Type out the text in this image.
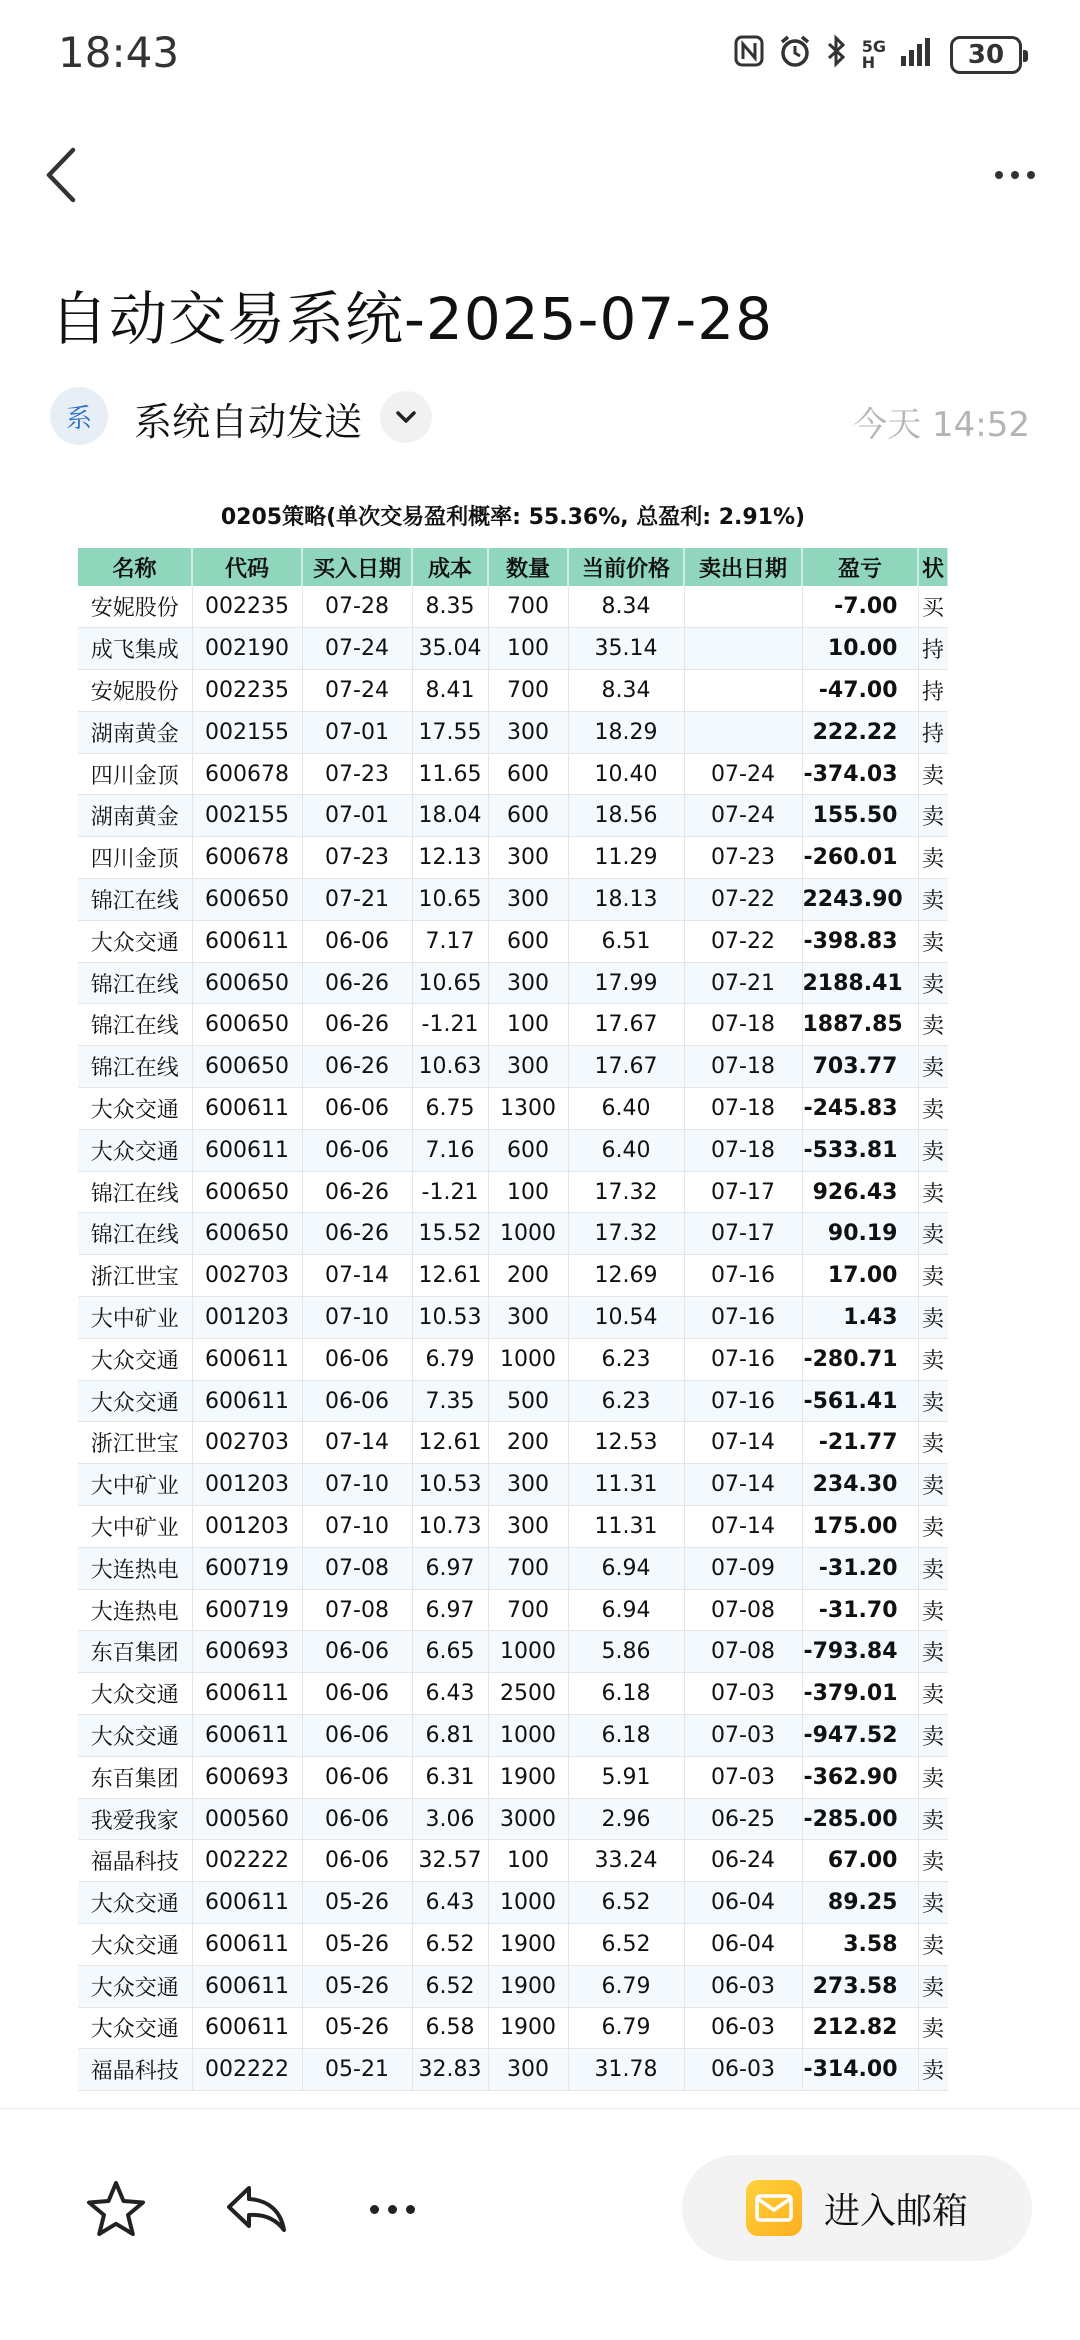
18:43	5G
H	30
自动交易系统-2025-07-28
系	系统自动发送	今天 14:52
0205策略(单次交易盈利概率: 55.36%, 总盈利: 2.91%)
名称	代码	买入日期	成本	数量	当前价格	卖出日期	盈亏	状
安妮股份	002235	07-28	8.35	700	8.34		-7.00	买
成飞集成	002190	07-24	35.04	100	35.14		10.00	持
安妮股份	002235	07-24	8.41	700	8.34		-47.00	持
湖南黄金	002155	07-01	17.55	300	18.29		222.22	持
四川金顶	600678	07-23	11.65	600	10.40	07-24	-374.03	卖
湖南黄金	002155	07-01	18.04	600	18.56	07-24	155.50	卖
四川金顶	600678	07-23	12.13	300	11.29	07-23	-260.01	卖
锦江在线	600650	07-21	10.65	300	18.13	07-22	2243.90	卖
大众交通	600611	06-06	7.17	600	6.51	07-22	-398.83	卖
锦江在线	600650	06-26	10.65	300	17.99	07-21	2188.41	卖
锦江在线	600650	06-26	-1.21	100	17.67	07-18	1887.85	卖
锦江在线	600650	06-26	10.63	300	17.67	07-18	703.77	卖
大众交通	600611	06-06	6.75	1300	6.40	07-18	-245.83	卖
大众交通	600611	06-06	7.16	600	6.40	07-18	-533.81	卖
锦江在线	600650	06-26	-1.21	100	17.32	07-17	926.43	卖
锦江在线	600650	06-26	15.52	1000	17.32	07-17	90.19	卖
浙江世宝	002703	07-14	12.61	200	12.69	07-16	17.00	卖
大中矿业	001203	07-10	10.53	300	10.54	07-16	1.43	卖
大众交通	600611	06-06	6.79	1000	6.23	07-16	-280.71	卖
大众交通	600611	06-06	7.35	500	6.23	07-16	-561.41	卖
浙江世宝	002703	07-14	12.61	200	12.53	07-14	-21.77	卖
大中矿业	001203	07-10	10.53	300	11.31	07-14	234.30	卖
大中矿业	001203	07-10	10.73	300	11.31	07-14	175.00	卖
大连热电	600719	07-08	6.97	700	6.94	07-09	-31.20	卖
大连热电	600719	07-08	6.97	700	6.94	07-08	-31.70	卖
东百集团	600693	06-06	6.65	1000	5.86	07-08	-793.84	卖
大众交通	600611	06-06	6.43	2500	6.18	07-03	-379.01	卖
大众交通	600611	06-06	6.81	1000	6.18	07-03	-947.52	卖
东百集团	600693	06-06	6.31	1900	5.91	07-03	-362.90	卖
我爱我家	000560	06-06	3.06	3000	2.96	06-25	-285.00	卖
福晶科技	002222	06-06	32.57	100	33.24	06-24	67.00	卖
大众交通	600611	05-26	6.43	1000	6.52	06-04	89.25	卖
大众交通	600611	05-26	6.52	1900	6.52	06-04	3.58	卖
大众交通	600611	05-26	6.52	1900	6.79	06-03	273.58	卖
大众交通	600611	05-26	6.58	1900	6.79	06-03	212.82	卖
福晶科技	002222	05-21	32.83	300	31.78	06-03	-314.00	卖
进入邮箱
